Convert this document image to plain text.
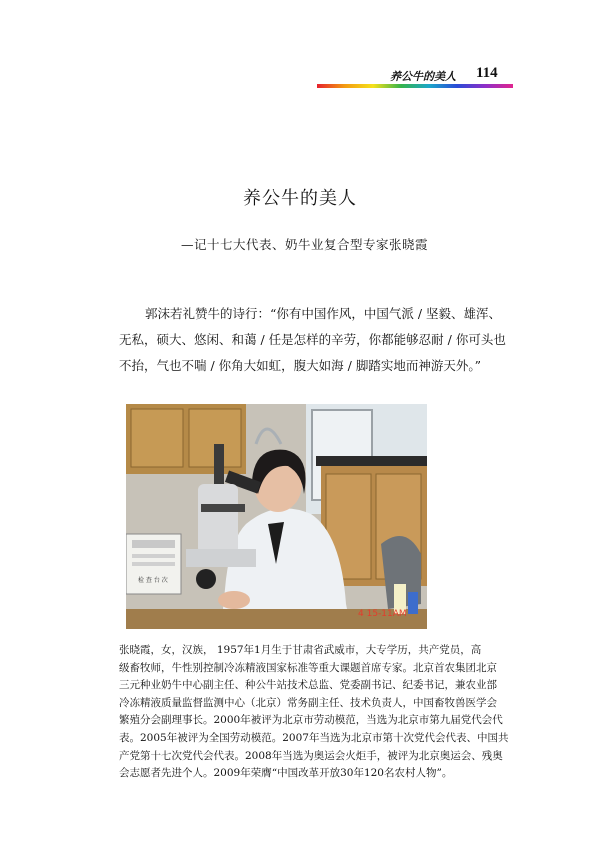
养公牛的美人 114
养公牛的美人
—记十七大代表、奶牛业复合型专家张晓霞
郭沫若礼赞牛的诗行：“你有中国作风，中国气派 / 坚毅、雄浑、
无私，硕大、悠闲、和蔼 / 任是怎样的辛劳，你都能够忍耐 / 你可头也
不抬，气也不喘 / 你角大如虹，腹大如海 / 脚踏实地而神游天外。”
检 查 台 次
4 15-11AM

张晓霞，女，汉族， 1957年1月生于甘肃省武威市，大专学历，共产党员，高

级畜牧师，牛性别控制冷冻精液国家标准等重大课题首席专家。北京首农集团北京

三元种业奶牛中心副主任、种公牛站技术总监、党委副书记、纪委书记，兼农业部

冷冻精液质量监督监测中心（北京）常务副主任、技术负责人，中国畜牧兽医学会

繁殖分会副理事长。2000年被评为北京市劳动模范，当选为北京市第九届党代会代

表。2005年被评为全国劳动模范。2007年当选为北京市第十次党代会代表、中国共

产党第十七次党代会代表。2008年当选为奥运会火炬手，被评为北京奥运会、残奥

会志愿者先进个人。2009年荣膺“中国改革开放30年120名农村人物”。
